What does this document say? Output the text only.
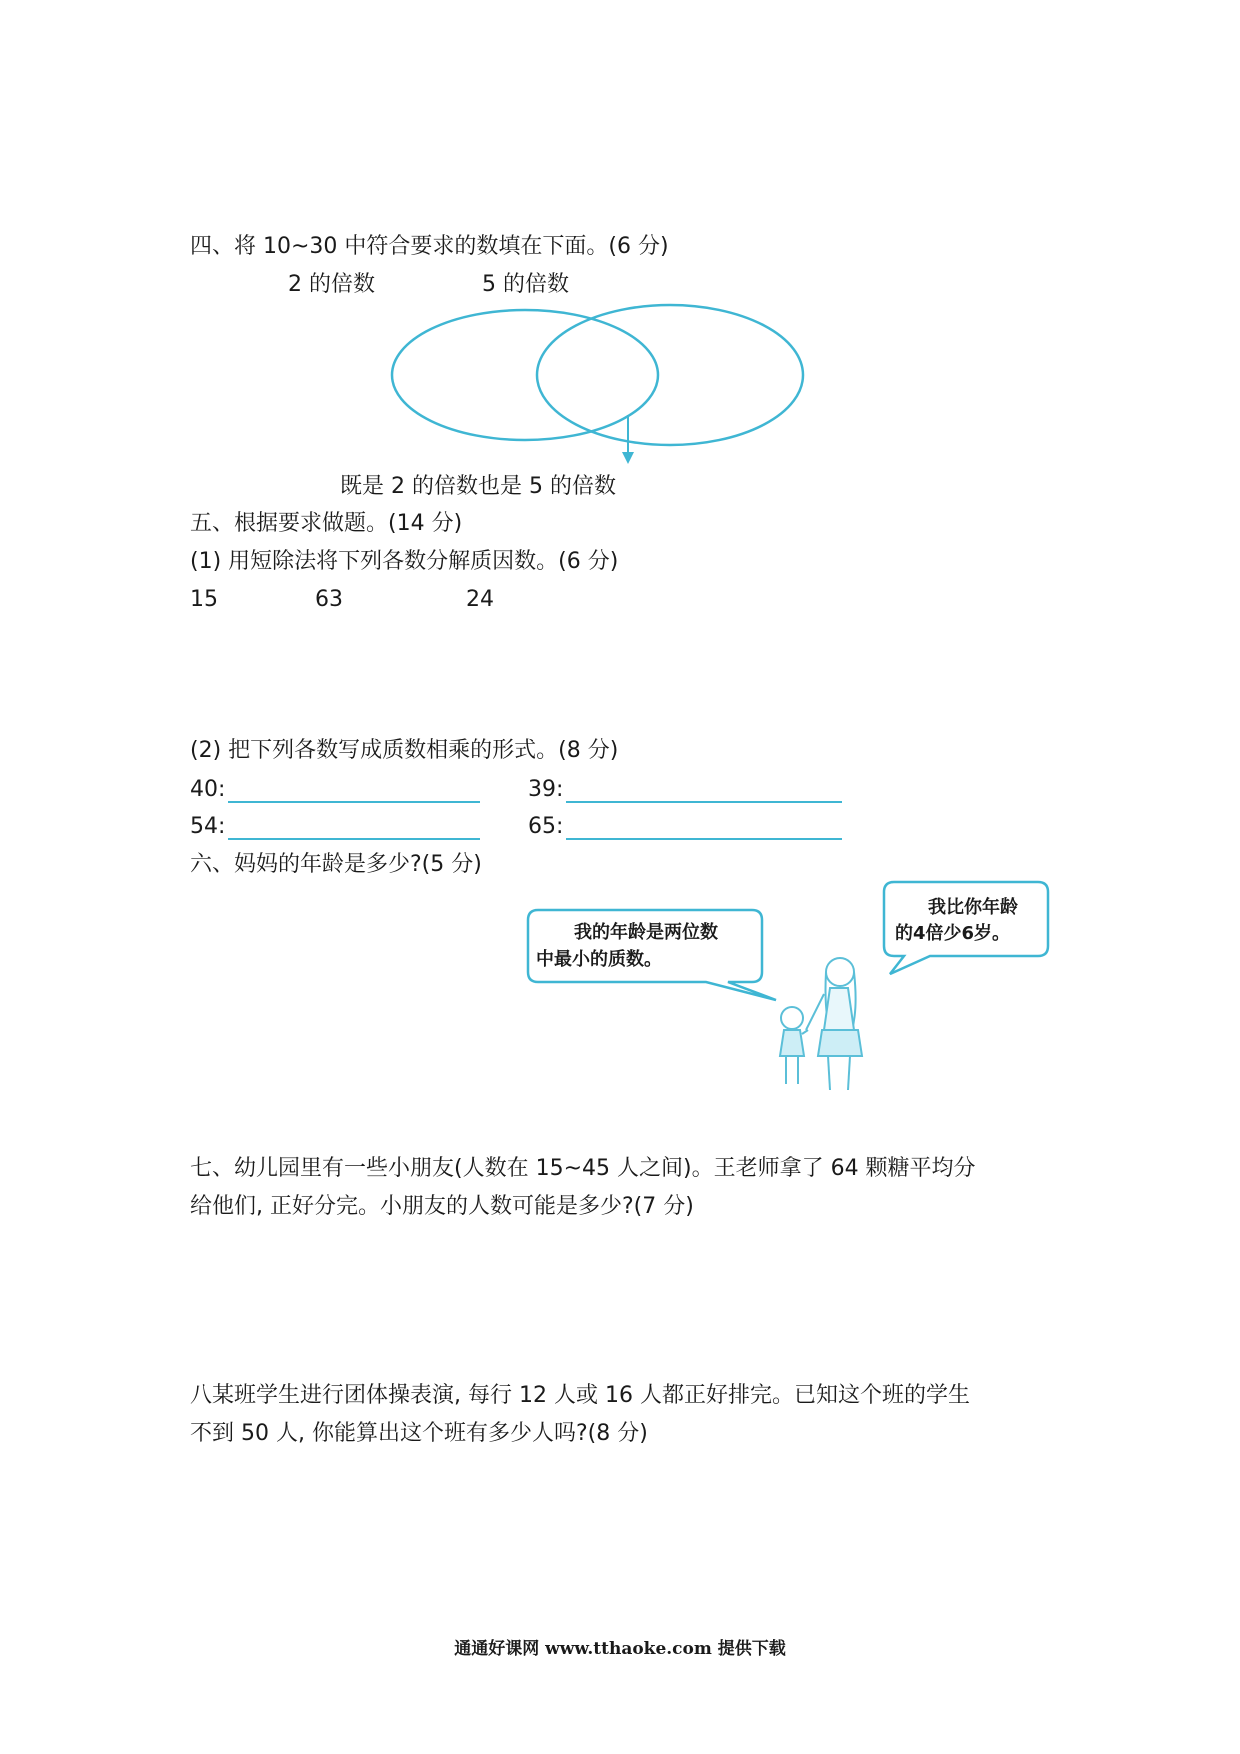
四、将 10~30 中符合要求的数填在下面。(6 分)
2 的倍数	5 的倍数
既是 2 的倍数也是 5 的倍数
五、根据要求做题。(14 分)
(1) 用短除法将下列各数分解质因数。(6 分)
15	63	24
(2) 把下列各数写成质数相乘的形式。(8 分)
40:	39:
54:	65:
六、妈妈的年龄是多少?(5 分)
我的年龄是两位数
中最小的质数。
我比你年龄
的4倍少6岁。
七、幼儿园里有一些小朋友(人数在 15~45 人之间)。王老师拿了 64 颗糖平均分
给他们, 正好分完。小朋友的人数可能是多少?(7 分)
八某班学生进行团体操表演, 每行 12 人或 16 人都正好排完。已知这个班的学生
不到 50 人, 你能算出这个班有多少人吗?(8 分)
通通好课网 www.tthaoke.com 提供下载
